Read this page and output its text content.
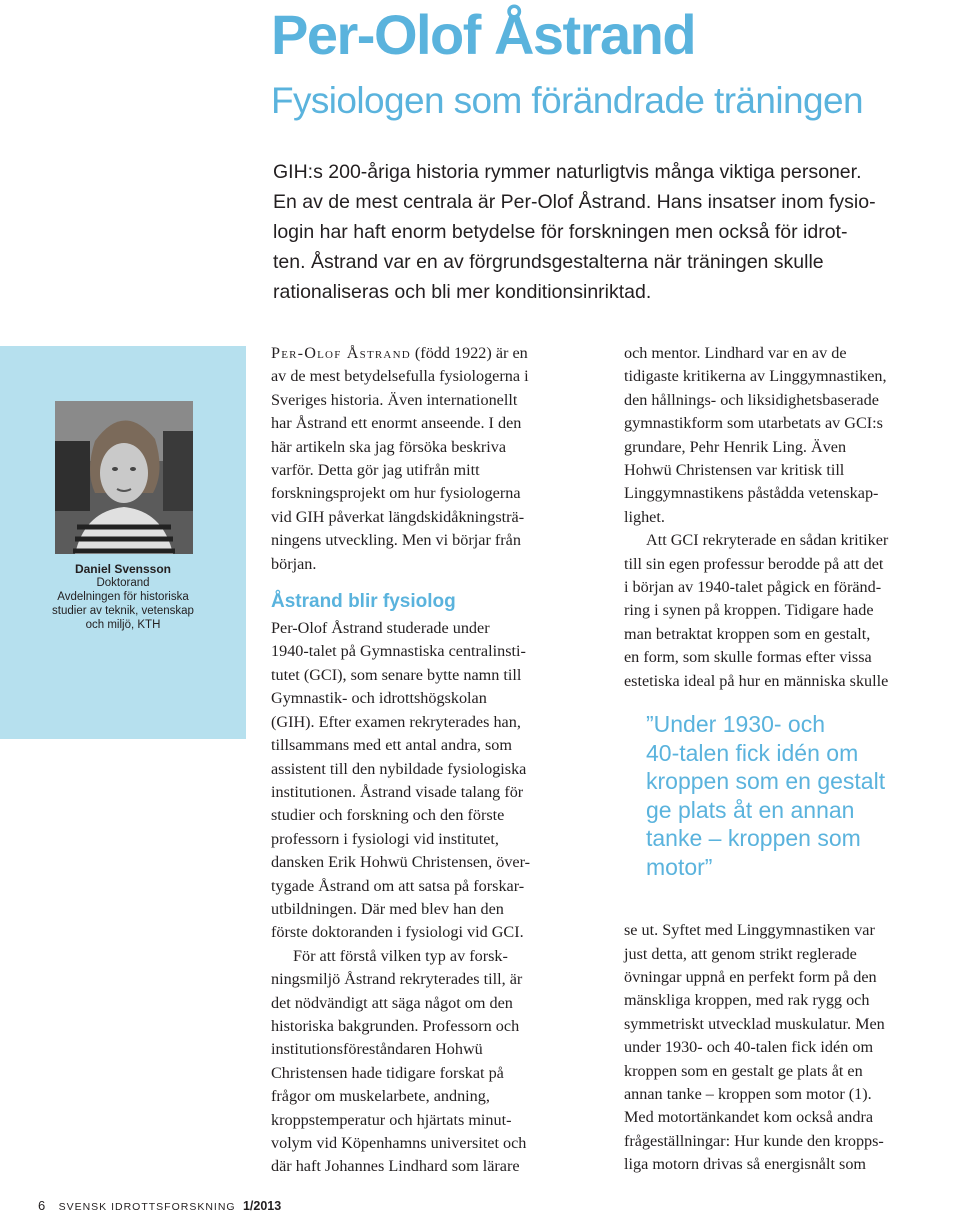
Per-Olof Åstrand
Fysiologen som förändrade träningen
GIH:s 200-åriga historia rymmer naturligtvis många viktiga personer.
En av de mest centrala är Per-Olof Åstrand. Hans insatser inom fysio-
login har haft enorm betydelse för forskningen men också för idrot-
ten. Åstrand var en av förgrundsgestalterna när träningen skulle
rationaliseras och bli mer konditionsinriktad.
Daniel Svensson
Doktorand
Avdelningen för historiska
studier av teknik, vetenskap
och miljö, KTH
Per-Olof Åstrand (född 1922) är en
av de mest betydelsefulla fysiologerna i
Sveriges historia. Även internationellt
har Åstrand ett enormt anseende. I den
här artikeln ska jag försöka beskriva
varför. Detta gör jag utifrån mitt
forskningsprojekt om hur fysiologerna
vid GIH påverkat längdskidåkningsträ-
ningens utveckling. Men vi börjar från
början.
Åstrand blir fysiolog
Per-Olof Åstrand studerade under
1940-talet på Gymnastiska centralinsti-
tutet (GCI), som senare bytte namn till
Gymnastik- och idrottshögskolan
(GIH). Efter examen rekryterades han,
tillsammans med ett antal andra, som
assistent till den nybildade fysiologiska
institutionen. Åstrand visade talang för
studier och forskning och den förste
professorn i fysiologi vid institutet,
dansken Erik Hohwü Christensen, över-
tygade Åstrand om att satsa på forskar-
utbildningen. Där med blev han den
förste doktoranden i fysiologi vid GCI.
För att förstå vilken typ av forsk-
ningsmiljö Åstrand rekryterades till, är
det nödvändigt att säga något om den
historiska bakgrunden. Professorn och
institutionsföreståndaren Hohwü
Christensen hade tidigare forskat på
frågor om muskelarbete, andning,
kroppstemperatur och hjärtats minut-
volym vid Köpenhamns universitet och
där haft Johannes Lindhard som lärare
och mentor. Lindhard var en av de
tidigaste kritikerna av Linggymnastiken,
den hållnings- och liksidighetsbaserade
gymnastikform som utarbetats av GCI:s
grundare, Pehr Henrik Ling. Även
Hohwü Christensen var kritisk till
Linggymnastikens påstådda vetenskap-
lighet.
Att GCI rekryterade en sådan kritiker
till sin egen professur berodde på att det
i början av 1940-talet pågick en föränd-
ring i synen på kroppen. Tidigare hade
man betraktat kroppen som en gestalt,
en form, som skulle formas efter vissa
estetiska ideal på hur en människa skulle
se ut. Syftet med Linggymnastiken var
just detta, att genom strikt reglerade
övningar uppnå en perfekt form på den
mänskliga kroppen, med rak rygg och
symmetriskt utvecklad muskulatur. Men
under 1930- och 40-talen fick idén om
kroppen som en gestalt ge plats åt en
annan tanke – kroppen som motor (1).
Med motortänkandet kom också andra
frågeställningar: Hur kunde den kropps-
liga motorn drivas så energisnålt som
”Under 1930- och
40-talen fick idén om
kroppen som en gestalt
ge plats åt en annan
tanke – kroppen som
motor”
6 SVENSK IDROTTSFORSKNING 1/2013
